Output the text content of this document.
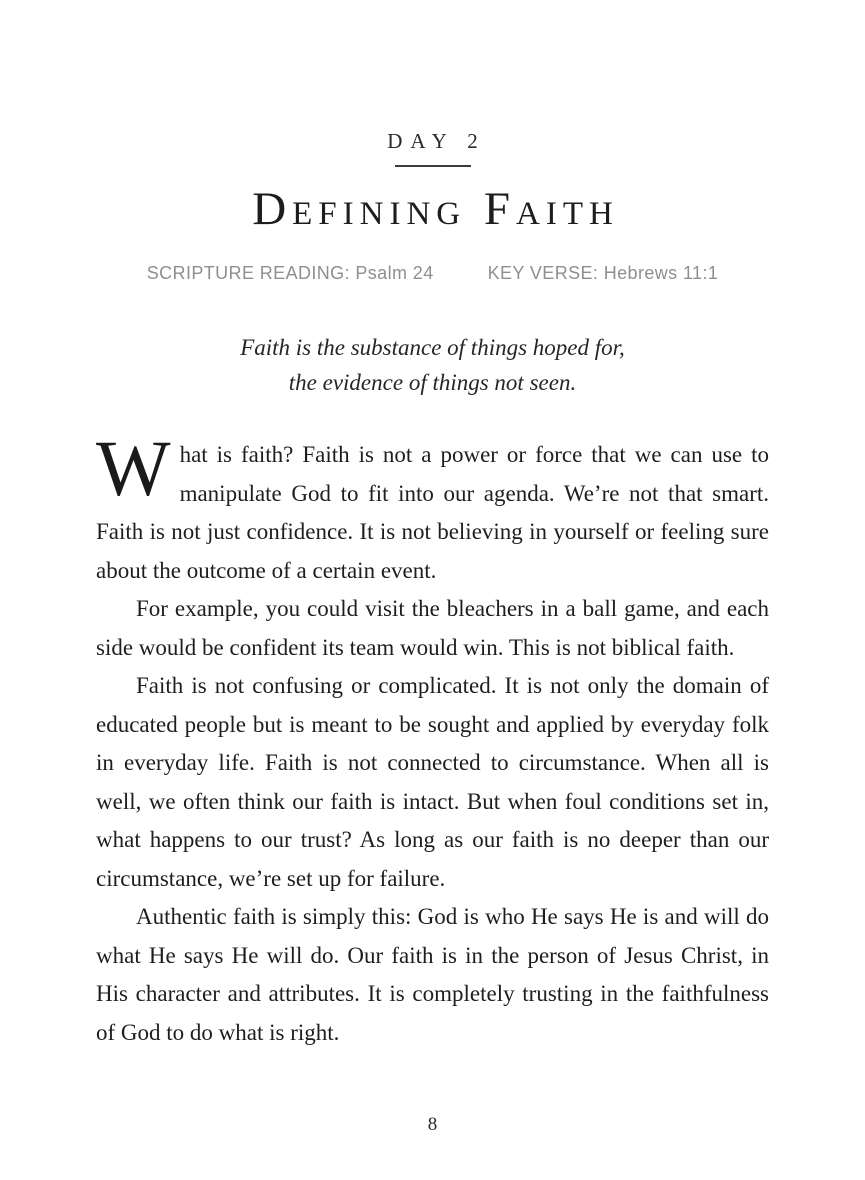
DAY 2
Defining Faith
SCRIPTURE READING: Psalm 24	KEY VERSE: Hebrews 11:1
Faith is the substance of things hoped for,
the evidence of things not seen.

What is faith? Faith is not a power or force that we can use to manipulate God to fit into our agenda. We’re not that smart. Faith is not just confidence. It is not believing in yourself or feeling sure about the outcome of a certain event.

For example, you could visit the bleachers in a ball game, and each side would be confident its team would win. This is not biblical faith.

Faith is not confusing or complicated. It is not only the domain of educated people but is meant to be sought and applied by everyday folk in everyday life. Faith is not connected to circumstance. When all is well, we often think our faith is intact. But when foul conditions set in, what happens to our trust? As long as our faith is no deeper than our circumstance, we’re set up for failure.

Authentic faith is simply this: God is who He says He is and will do what He says He will do. Our faith is in the person of Jesus Christ, in His character and attributes. It is completely trusting in the faithfulness of God to do what is right.

8
